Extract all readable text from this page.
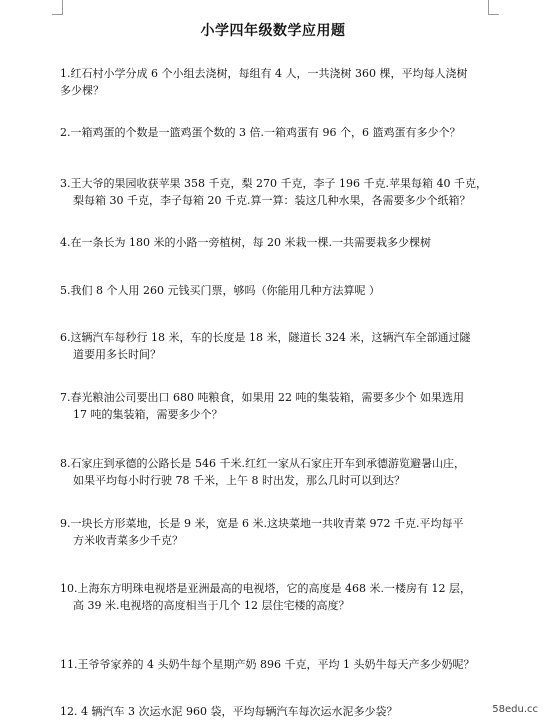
小学四年级数学应用题

1.红石村小学分成 6 个小组去浇树，每组有 4 人，一共浇树 360 棵，平均每人浇树
多少棵？

2.一箱鸡蛋的个数是一篮鸡蛋个数的 3 倍.一箱鸡蛋有 96 个，6 篮鸡蛋有多少个？

3.王大爷的果园收获苹果 358 千克，梨 270 千克，李子 196 千克.苹果每箱 40 千克，
梨每箱 30 千克，李子每箱 20 千克.算一算：装这几种水果，各需要多少个纸箱？

4.在一条长为 180 米的小路一旁植树，每 20 米栽一棵.一共需要栽多少棵树

5.我们 8 个人用 260 元钱买门票，够吗（你能用几种方法算呢 ）

6.这辆汽车每秒行 18 米，车的长度是 18 米，隧道长 324 米，这辆汽车全部通过隧
道要用多长时间？

7.春光粮油公司要出口 680 吨粮食，如果用 22 吨的集装箱，需要多少个 如果选用
17 吨的集装箱，需要多少个？

8.石家庄到承德的公路长是 546 千米.红红一家从石家庄开车到承德游览避暑山庄，
如果平均每小时行驶 78 千米，上午 8 时出发，那么几时可以到达？

9.一块长方形菜地，长是 9 米，宽是 6 米.这块菜地一共收青菜 972 千克.平均每平
方米收青菜多少千克？

10.上海东方明珠电视塔是亚洲最高的电视塔，它的高度是 468 米.一楼房有 12 层，
高 39 米.电视塔的高度相当于几个 12 层住宅楼的高度？

11.王爷爷家养的 4 头奶牛每个星期产奶 896 千克，平均 1 头奶牛每天产多少奶呢？

12. 4 辆汽车 3 次运水泥 960 袋，平均每辆汽车每次运水泥多少袋？	58edu.cc
